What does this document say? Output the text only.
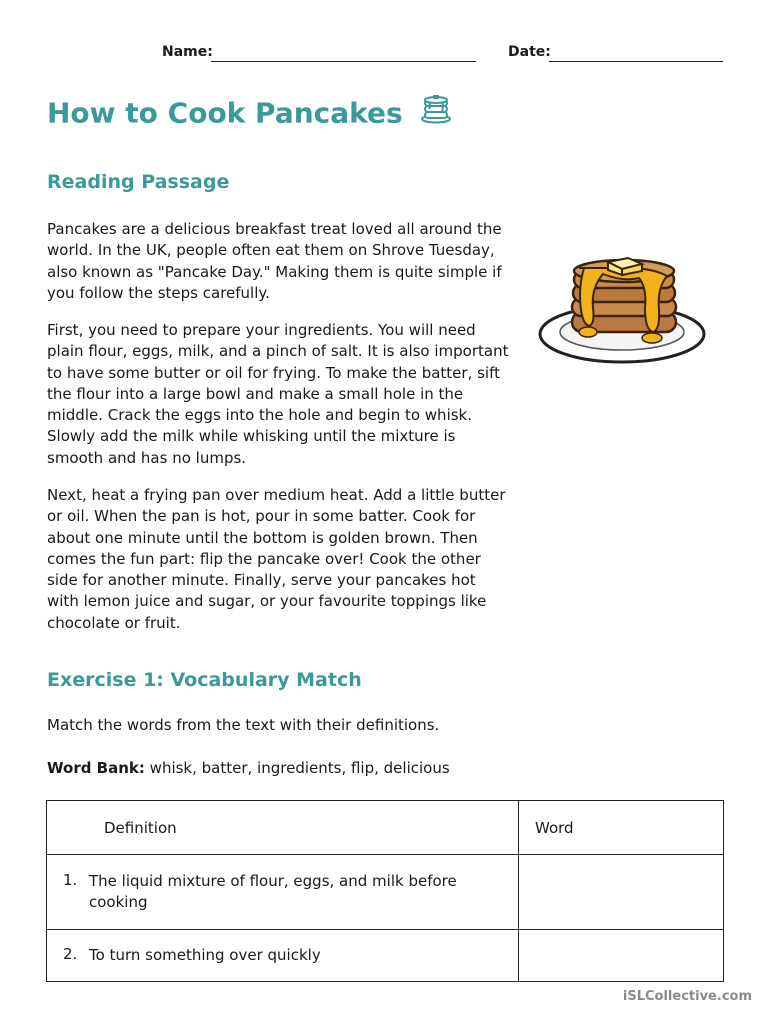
Name:	Date:
How to Cook Pancakes
Reading Passage

Pancakes are a delicious breakfast treat loved all around the world. In the UK, people often eat them on Shrove Tuesday, also known as "Pancake Day." Making them is quite simple if you follow the steps carefully.

First, you need to prepare your ingredients. You will need plain flour, eggs, milk, and a pinch of salt. It is also important to have some butter or oil for frying. To make the batter, sift the flour into a large bowl and make a small hole in the middle. Crack the eggs into the hole and begin to whisk. Slowly add the milk while whisking until the mixture is smooth and has no lumps.

Next, heat a frying pan over medium heat. Add a little butter or oil. When the pan is hot, pour in some batter. Cook for about one minute until the bottom is golden brown. Then comes the fun part: flip the pancake over! Cook the other side for another minute. Finally, serve your pancakes hot with lemon juice and sugar, or your favourite toppings like chocolate or fruit.

Exercise 1: Vocabulary Match

Match the words from the text with their definitions.

Word Bank: whisk, batter, ingredients, flip, delicious

Definition	Word
1. The liquid mixture of flour, eggs, and milk before cooking	
2. To turn something over quickly	
iSLCollective.com
